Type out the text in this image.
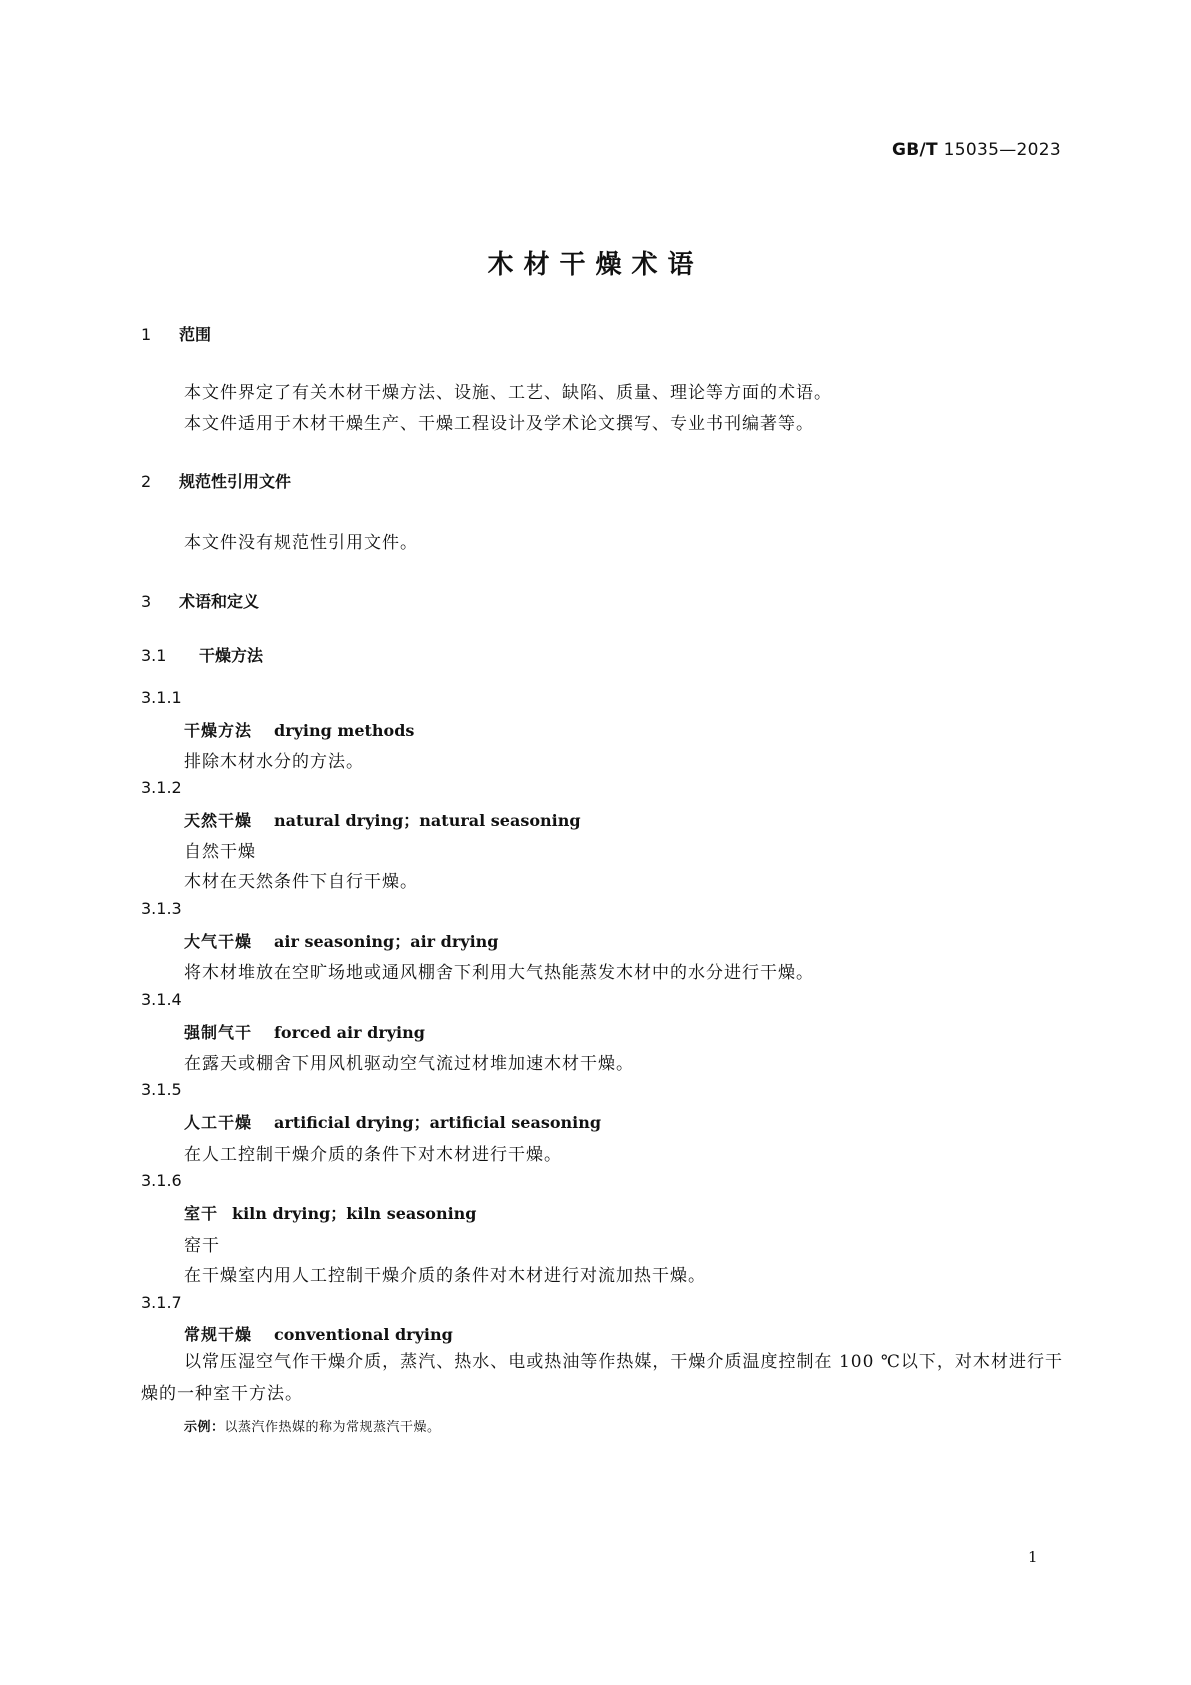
GB/T 15035—2023
木材干燥术语
1 范围
本文件界定了有关木材干燥方法、设施、工艺、缺陷、质量、理论等方面的术语。
本文件适用于木材干燥生产、干燥工程设计及学术论文撰写、专业书刊编著等。
2 规范性引用文件
本文件没有规范性引用文件。
3 术语和定义
3.1 干燥方法
3.1.1
干燥方法 drying methods
排除木材水分的方法。
3.1.2
天然干燥 natural drying；natural seasoning
自然干燥
木材在天然条件下自行干燥。
3.1.3
大气干燥 air seasoning；air drying
将木材堆放在空旷场地或通风棚舍下利用大气热能蒸发木材中的水分进行干燥。
3.1.4
强制气干 forced air drying
在露天或棚舍下用风机驱动空气流过材堆加速木材干燥。
3.1.5
人工干燥 artificial drying；artificial seasoning
在人工控制干燥介质的条件下对木材进行干燥。
3.1.6
室干 kiln drying；kiln seasoning
窑干
在干燥室内用人工控制干燥介质的条件对木材进行对流加热干燥。
3.1.7
常规干燥 conventional drying
以常压湿空气作干燥介质，蒸汽、热水、电或热油等作热媒，干燥介质温度控制在 100 ℃以下，对木材进行干燥的一种室干方法。
示例：以蒸汽作热媒的称为常规蒸汽干燥。
1
